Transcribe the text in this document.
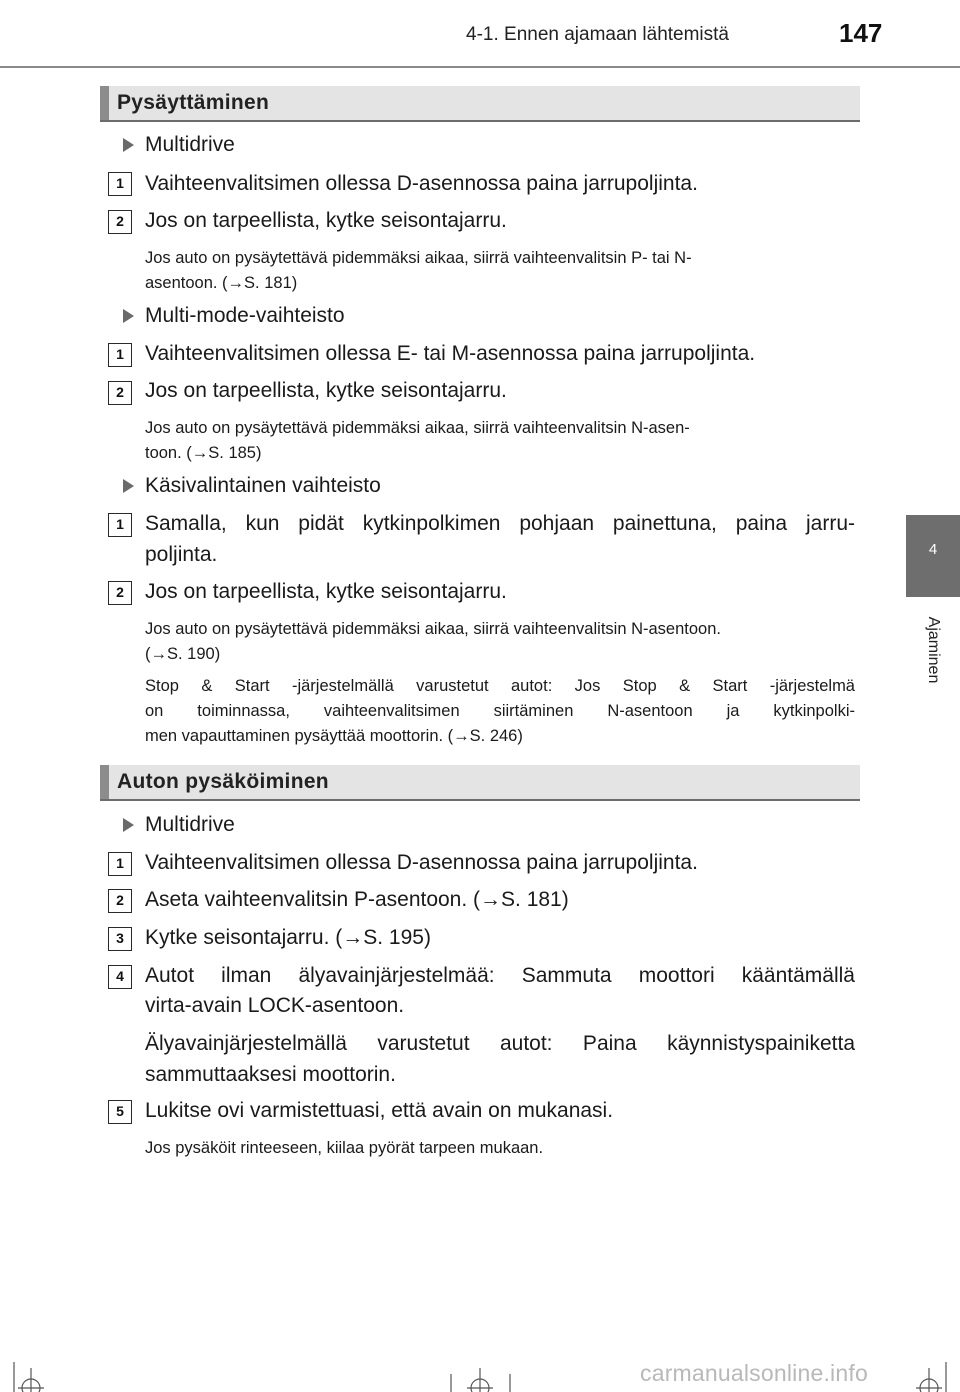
4-1. Ennen ajamaan lähtemistä	147
4
Ajaminen
Pysäyttäminen
Multidrive
1	Vaihteenvalitsimen ollessa D-asennossa paina jarrupoljinta.
2	Jos on tarpeellista, kytke seisontajarru.
Jos auto on pysäytettävä pidemmäksi aikaa, siirrä vaihteenvalitsin P- tai N-
asentoon. (→S. 181)
Multi-mode-vaihteisto
1	Vaihteenvalitsimen ollessa E- tai M-asennossa paina jarrupoljinta.
2	Jos on tarpeellista, kytke seisontajarru.
Jos auto on pysäytettävä pidemmäksi aikaa, siirrä vaihteenvalitsin N-asen-
toon. (→S. 185)
Käsivalintainen vaihteisto
1	Samalla, kun pidät kytkinpolkimen pohjaan painettuna, paina jarru-
poljinta.
2	Jos on tarpeellista, kytke seisontajarru.
Jos auto on pysäytettävä pidemmäksi aikaa, siirrä vaihteenvalitsin N-asentoon.
(→S. 190)
Stop & Start -järjestelmällä varustetut autot: Jos Stop & Start -järjestelmä
on toiminnassa, vaihteenvalitsimen siirtäminen N-asentoon ja kytkinpolki-
men vapauttaminen pysäyttää moottorin. (→S. 246)
Auton pysäköiminen
Multidrive
1	Vaihteenvalitsimen ollessa D-asennossa paina jarrupoljinta.
2	Aseta vaihteenvalitsin P-asentoon. (→S. 181)
3	Kytke seisontajarru. (→S. 195)
4	Autot ilman älyavainjärjestelmää: Sammuta moottori kääntämällä
virta-avain LOCK-asentoon.
Älyavainjärjestelmällä varustetut autot: Paina käynnistyspainiketta
sammuttaaksesi moottorin.
5	Lukitse ovi varmistettuasi, että avain on mukanasi.
Jos pysäköit rinteeseen, kiilaa pyörät tarpeen mukaan.
carmanualsonline.info
